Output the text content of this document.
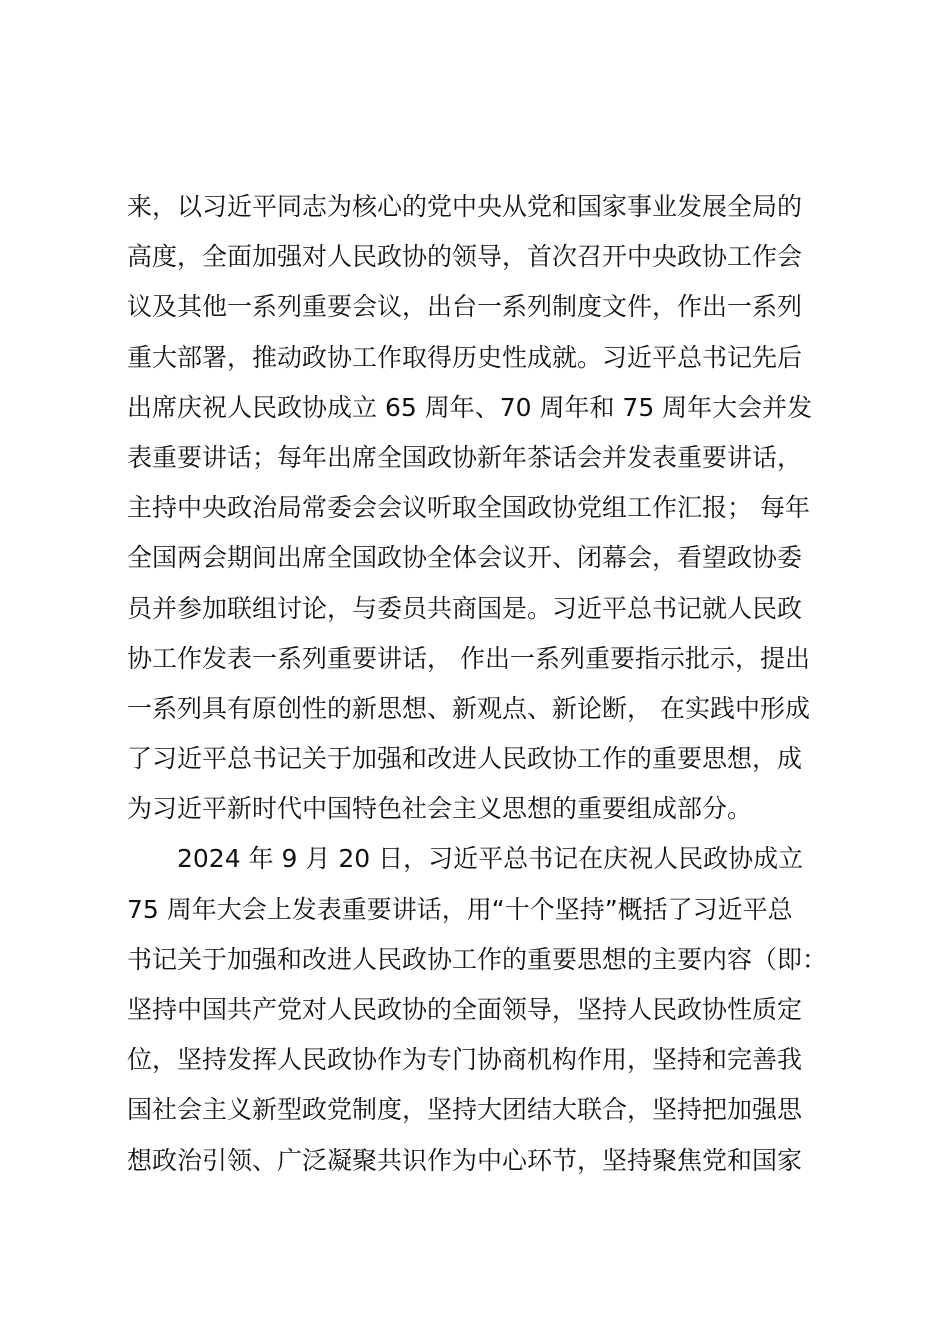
来，以习近平同志为核心的党中央从党和国家事业发展全局的
高度，全面加强对人民政协的领导，首次召开中央政协工作会
议及其他一系列重要会议，出台一系列制度文件，作出一系列
重大部署，推动政协工作取得历史性成就。习近平总书记先后
出席庆祝人民政协成立 65 周年、70 周年和 75 周年大会并发
表重要讲话；每年出席全国政协新年茶话会并发表重要讲话，
主持中央政治局常委会会议听取全国政协党组工作汇报； 每年
全国两会期间出席全国政协全体会议开、闭幕会，看望政协委
员并参加联组讨论，与委员共商国是。习近平总书记就人民政
协工作发表一系列重要讲话， 作出一系列重要指示批示，提出
一系列具有原创性的新思想、新观点、新论断， 在实践中形成
了习近平总书记关于加强和改进人民政协工作的重要思想，成
为习近平新时代中国特色社会主义思想的重要组成部分。
2024 年 9 月 20 日，习近平总书记在庆祝人民政协成立
75 周年大会上发表重要讲话，用“十个坚持”概括了习近平总
书记关于加强和改进人民政协工作的重要思想的主要内容（即：
坚持中国共产党对人民政协的全面领导，坚持人民政协性质定
位，坚持发挥人民政协作为专门协商机构作用，坚持和完善我
国社会主义新型政党制度，坚持大团结大联合，坚持把加强思
想政治引领、广泛凝聚共识作为中心环节，坚持聚焦党和国家
